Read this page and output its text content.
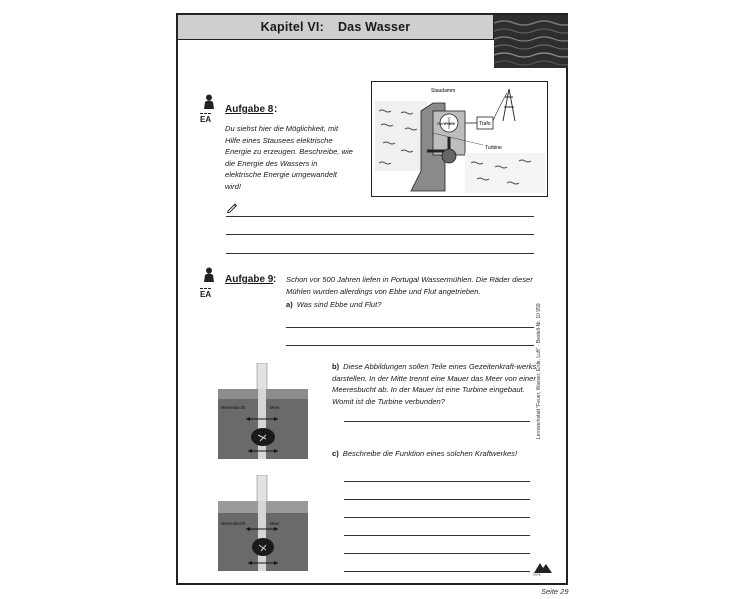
Kapitel VI: Das Wasser
EA
Aufgabe 8 :
Du siehst hier die Möglichkeit, mit Hilfe eines Stausees elektrische Energie zu erzeugen. Beschreibe, wie die Energie des Wassers in elektrische Energie umgewandelt wird!
Staudamm
Generator	Trafo
Turbine
EA
Aufgabe 9 : Schon vor 500 Jahren liefen in Portugal Wassermühlen. Die Räder dieser Mühlen wurden allerdings von Ebbe und Flut angetrieben.
a) Was sind Ebbe und Flut?
Meeresbucht	Meer
Meeresbucht	Meer
b) Diese Abbildungen sollen Teile eines Gezeitenkraft-werks darstellen. In der Mitte trennt eine Mauer das Meer von einer Meeresbucht ab. In der Mauer ist eine Turbine eingebaut. Womit ist die Turbine verbunden?
c) Beschreibe die Funktion eines solchen Kraftwerkes!
Lernwerkstatt "Feuer, Wasser, Erde, Luft" · Bestell-Nr. 10 959
KOHL
Seite 29
